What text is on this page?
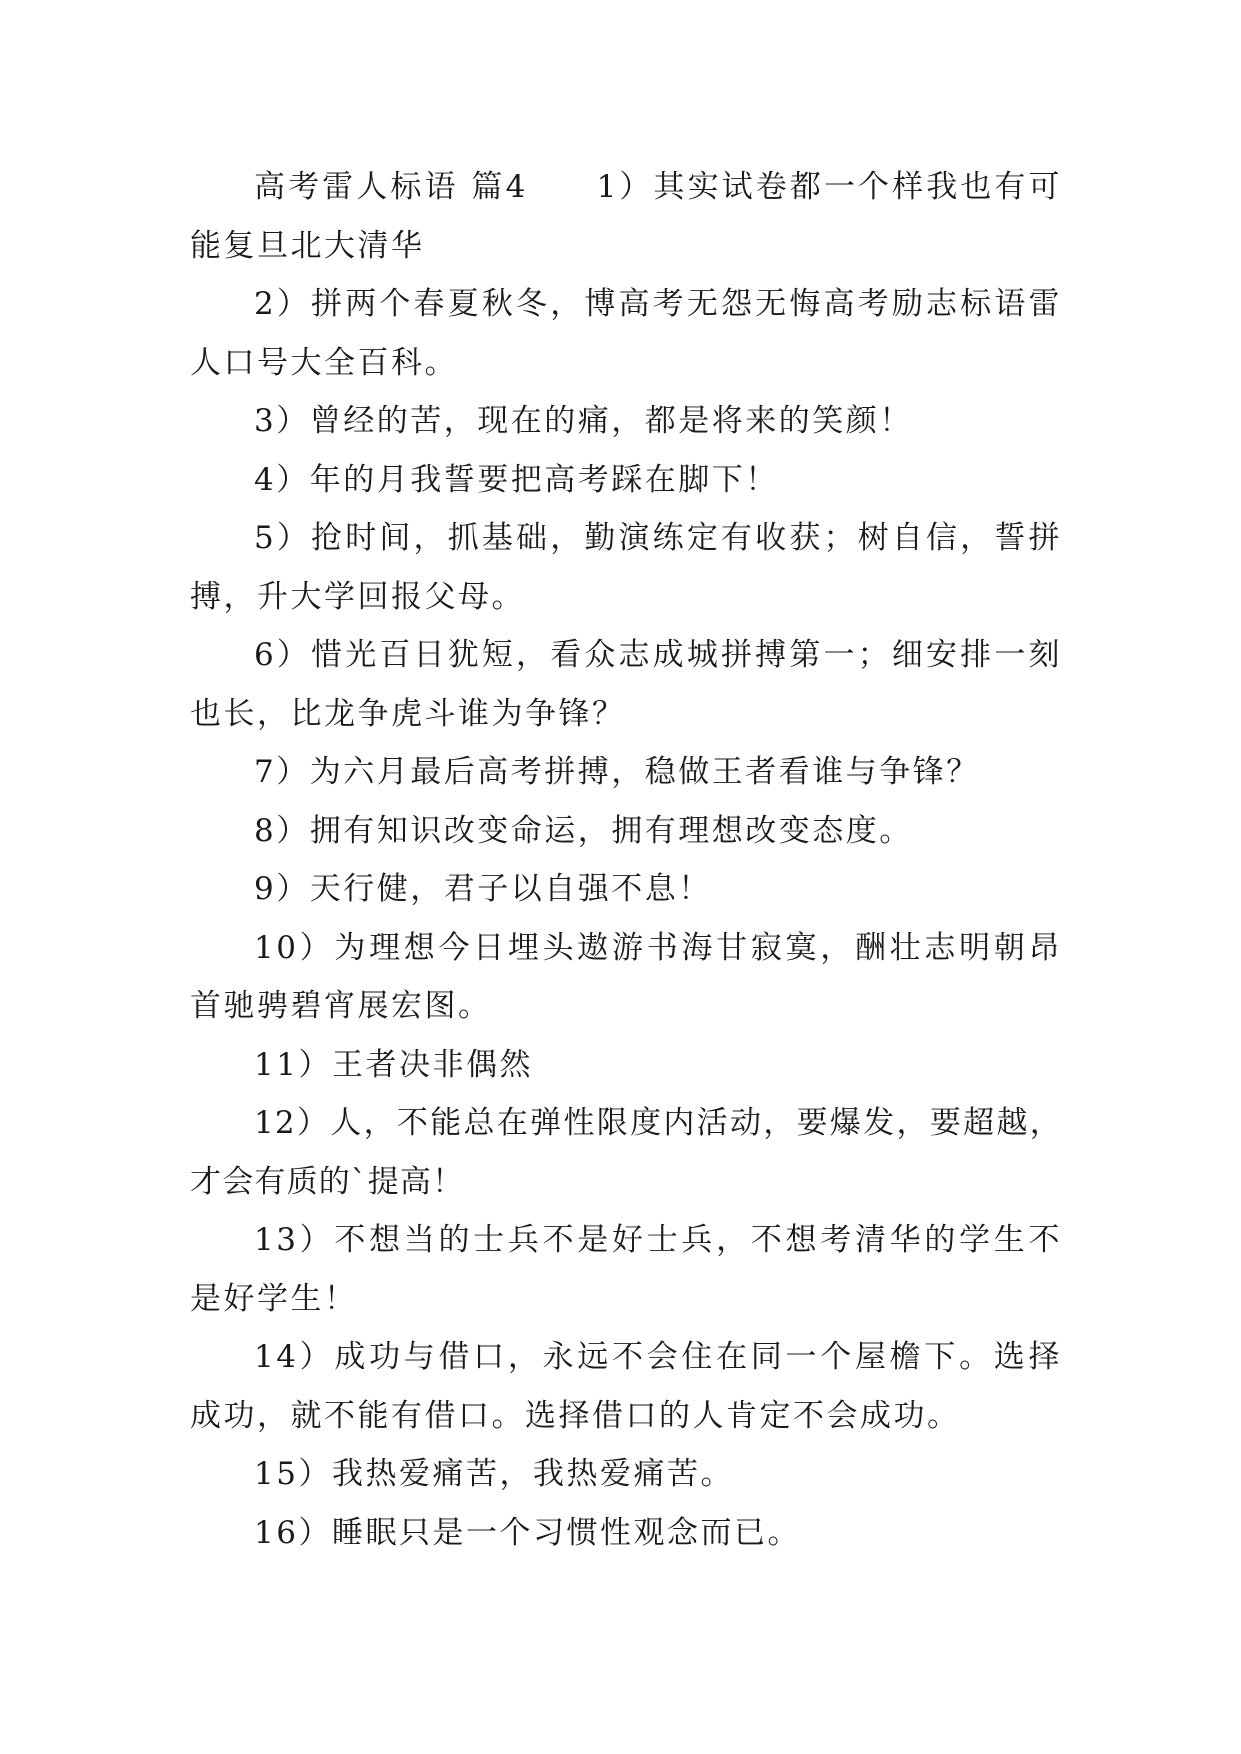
高考雷人标语 篇4　　1）其实试卷都一个样我也有可能复旦北大清华

2）拼两个春夏秋冬，博高考无怨无悔高考励志标语雷人口号大全百科。

3）曾经的苦，现在的痛，都是将来的笑颜！

4）年的月我誓要把高考踩在脚下！

5）抢时间，抓基础，勤演练定有收获；树自信，誓拼搏，升大学回报父母。

6）惜光百日犹短，看众志成城拼搏第一；细安排一刻也长，比龙争虎斗谁为争锋？

7）为六月最后高考拼搏，稳做王者看谁与争锋？

8）拥有知识改变命运，拥有理想改变态度。

9）天行健，君子以自强不息！

10）为理想今日埋头遨游书海甘寂寞，酬壮志明朝昂首驰骋碧宵展宏图。

11）王者决非偶然

12）人，不能总在弹性限度内活动，要爆发，要超越，才会有质的`提高！

13）不想当的士兵不是好士兵，不想考清华的学生不是好学生！

14）成功与借口，永远不会住在同一个屋檐下。选择成功，就不能有借口。选择借口的人肯定不会成功。

15）我热爱痛苦，我热爱痛苦。

16）睡眠只是一个习惯性观念而已。
